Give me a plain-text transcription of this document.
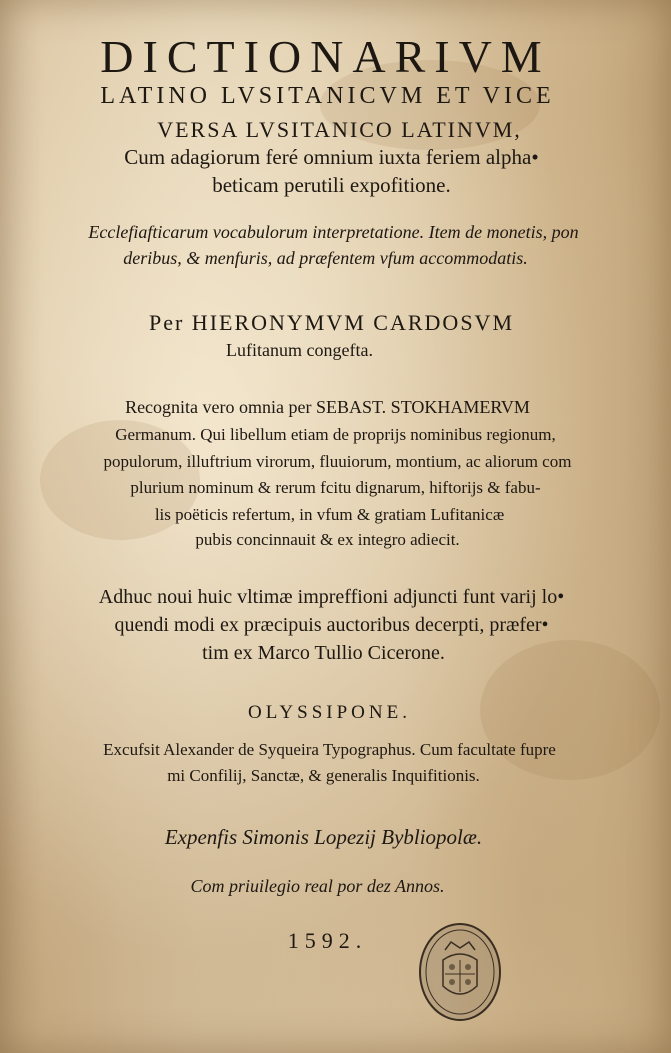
DICTIONARIVM
LATINO LVSITANICVM ET VICE
VERSA LVSITANICO LATINVM,
Cum adagiorum feré omnium iuxta feriem alpha•
beticam perutili expofitione.
Ecclefiafticarum vocabulorum interpretatione. Item de monetis, pon
deribus, & menfuris, ad præfentem vfum accommodatis.
Per HIERONYMVM CARDOSVM
Lufitanum congefta.
Recognita vero omnia per SEBAST. STOKHAMERVM
Germanum. Qui libellum etiam de proprijs nominibus regionum,
populorum, illuftrium virorum, fluuiorum, montium, ac aliorum com
plurium nominum & rerum fcitu dignarum, hiftorijs & fabu-
lis poëticis refertum, in vfum & gratiam Lufitanicæ
pubis concinnauit & ex integro adiecit.
Adhuc noui huic vltimæ impreffioni adjuncti funt varij lo•
quendi modi ex præcipuis auctoribus decerpti, præfer•
tim ex Marco Tullio Cicerone.
OLYSSIPONE.
Excufsit Alexander de Syqueira Typographus. Cum facultate fupre
mi Confilij, Sanctæ, & generalis Inquifitionis.
Expenfis Simonis Lopezij Bybliopolæ.
Com priuilegio real por dez Annos.
1592.
